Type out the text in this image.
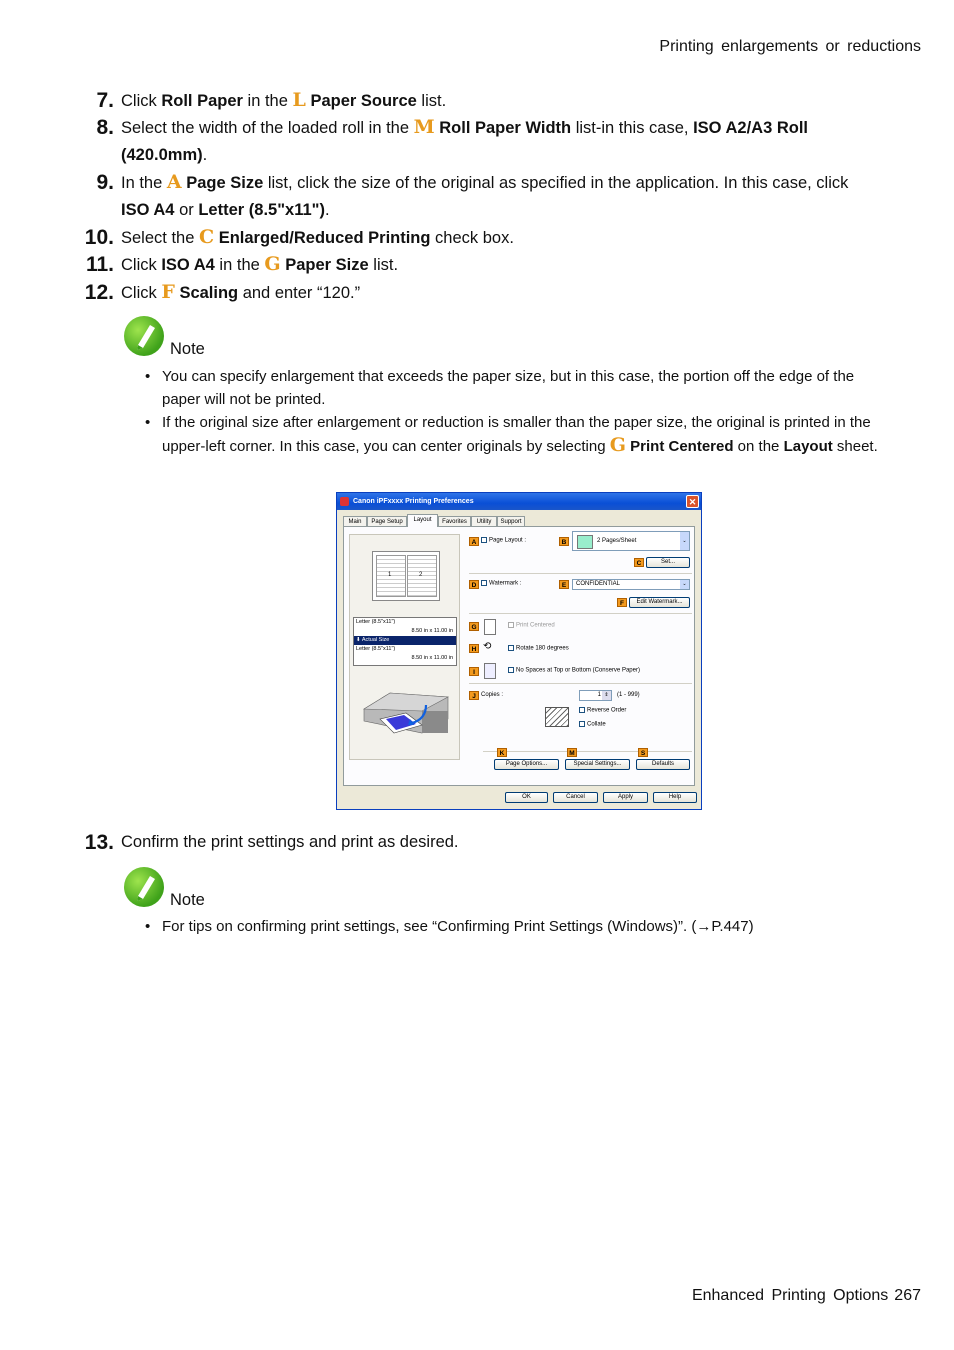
Printing enlargements or reductions
7. Click Roll Paper in the L Paper Source list.
8. Select the width of the loaded roll in the M Roll Paper Width list-in this case, ISO A2/A3 Roll (420.0mm).
9. In the A Page Size list, click the size of the original as specified in the application. In this case, click ISO A4 or Letter (8.5"x11").
10. Select the C Enlarged/Reduced Printing check box.
11. Click ISO A4 in the G Paper Size list.
12. Click F Scaling and enter “120.”
Note
• You can specify enlargement that exceeds the paper size, but in this case, the portion off the edge of the paper will not be printed.
• If the original size after enlargement or reduction is smaller than the paper size, the original is printed in the upper-left corner. In this case, you can center originals by selecting G Print Centered on the Layout sheet.
Canon iPFxxxx Printing Preferences	✕
Main	Page Setup	Layout	Favorites	Utility	Support
1	2
Letter (8.5"x11")
8.50 in x 11.00 in
⬇ Actual Size
Letter (8.5"x11")
8.50 in x 11.00 in
A	Page Layout :	B	2 Pages/Sheet	⌄
C	Set...
D	Watermark :	E	CONFIDENTIAL	⌄
F	Edit Watermark...
G	Print Centered
H ⟲	Rotate 180 degrees
I	No Spaces at Top or Bottom (Conserve Paper)
J Copies :	1 ⇕	(1 - 999)
Reverse Order
Collate
K	M	S
Page Options...	Special Settings...	Defaults
OK	Cancel	Apply	Help
13. Confirm the print settings and print as desired.
Note
• For tips on confirming print settings, see “Confirming Print Settings (Windows)”. (→P.447)
Enhanced Printing Options 267
